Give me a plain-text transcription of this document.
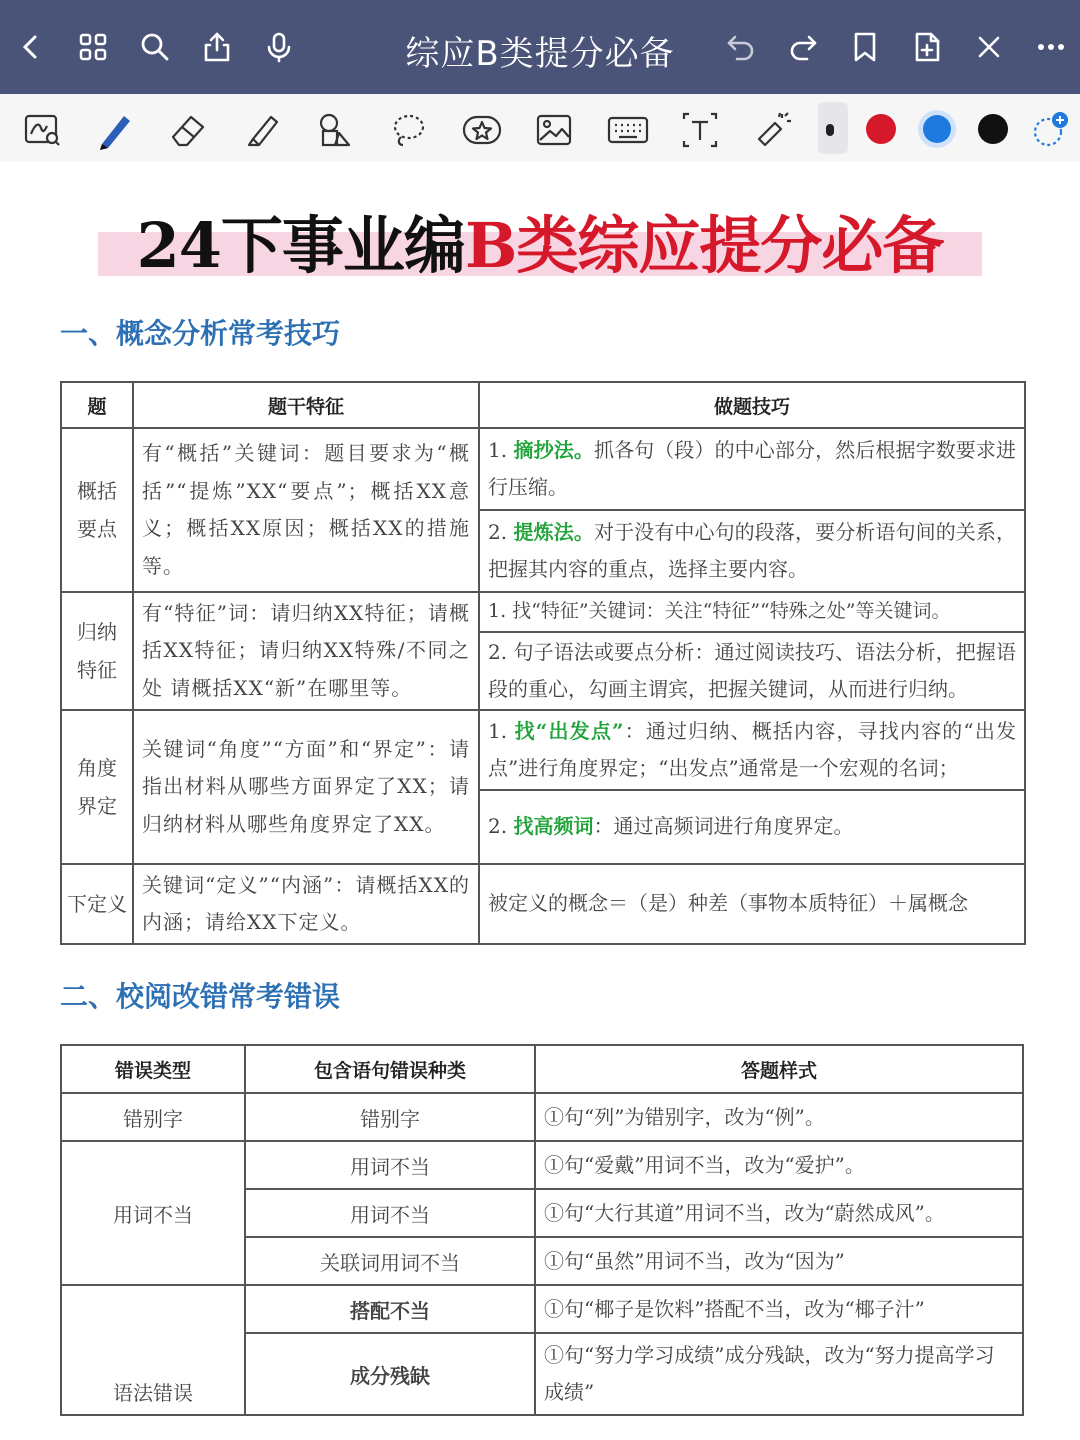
综应B类提分必备
24下事业编B类综应提分必备
一、概念分析常考技巧
题	题干特征	做题技巧
概括要点	有“概括”关键词：题目要求为“概括”“提炼”XX“要点”；概括XX意义；概括XX原因；概括XX的措施等。	1. 摘抄法。抓各句（段）的中心部分，然后根据字数要求进行压缩。
		2. 提炼法。对于没有中心句的段落，要分析语句间的关系，把握其内容的重点，选择主要内容。
归纳特征	有“特征”词：请归纳XX特征；请概括XX特征；请归纳XX特殊/不同之处 请概括XX“新”在哪里等。	1. 找“特征”关键词：关注“特征”“特殊之处”等关键词。
		2. 句子语法或要点分析：通过阅读技巧、语法分析，把握语段的重心，勾画主谓宾，把握关键词，从而进行归纳。
角度界定	关键词“角度”“方面”和“界定”：请指出材料从哪些方面界定了XX；请归纳材料从哪些角度界定了XX。	1. 找“出发点”：通过归纳、概括内容，寻找内容的“出发点”进行角度界定；“出发点”通常是一个宏观的名词；
		2. 找高频词：通过高频词进行角度界定。
下定义	关键词“定义”“内涵”：请概括XX的内涵；请给XX下定义。	被定义的概念＝（是）种差（事物本质特征）＋属概念
二、校阅改错常考错误
错误类型	包含语句错误种类	答题样式
错别字	错别字	①句“列”为错别字，改为“例”。
用词不当	用词不当	①句“爱戴”用词不当，改为“爱护”。
	用词不当	①句“大行其道”用词不当，改为“蔚然成风”。
	关联词用词不当	①句“虽然”用词不当，改为“因为”
语法错误	搭配不当	①句“椰子是饮料”搭配不当，改为“椰子汁”
	成分残缺	①句“努力学习成绩”成分残缺，改为“努力提高学习成绩”
